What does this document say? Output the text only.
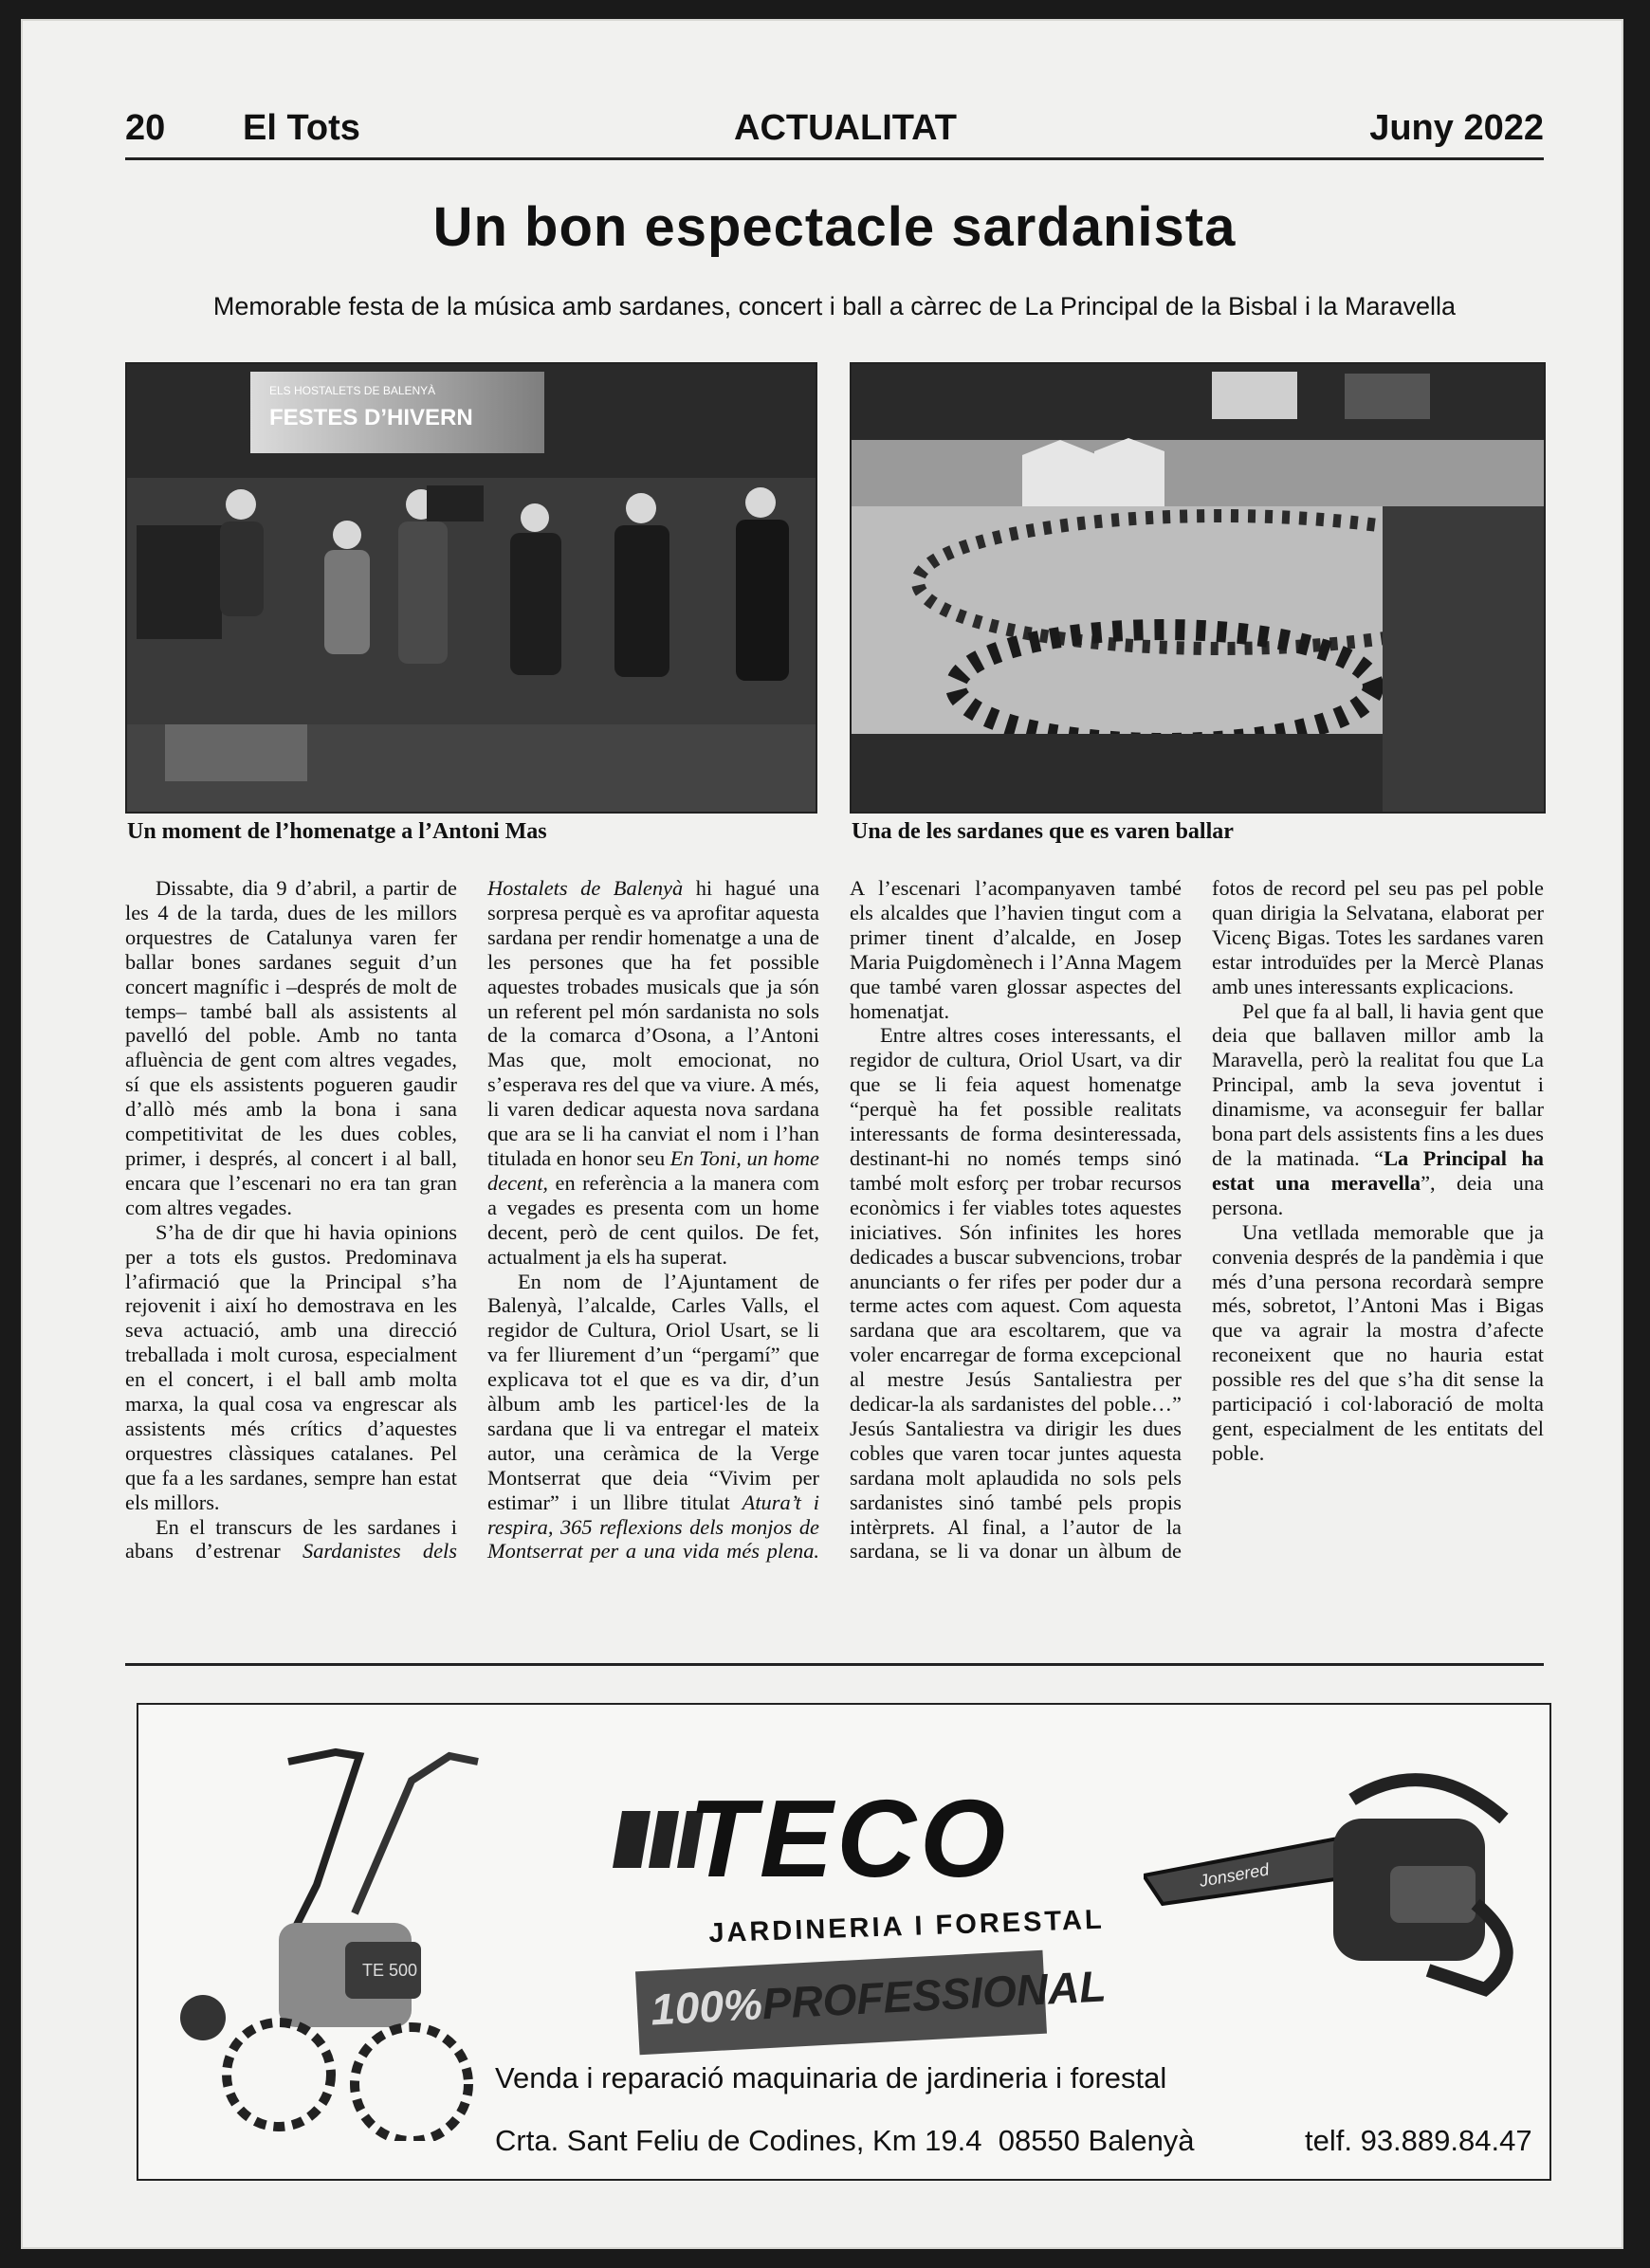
20 El Tots	ACTUALITAT	Juny 2022
Un bon espectacle sardanista
Memorable festa de la música amb sardanes, concert i ball a càrrec de La Principal de la Bisbal i la Maravella
ELS HOSTALETS DE BALENYÀ
FESTES D’HIVERN
Un moment de l’homenatge a l’Antoni Mas	Una de les sardanes que es varen ballar

Dissabte, dia 9 d’abril, a partir de les 4 de la tarda, dues de les millors orquestres de Catalunya varen fer ballar bones sardanes seguit d’un concert magnífic i –després de molt de temps– també ball als assistents al pavelló del poble. Amb no tanta afluència de gent com altres vegades, sí que els assistents pogueren gaudir d’allò més amb la bona i sana competitivitat de les dues cobles, primer, i després, al concert i al ball, encara que l’escenari no era tan gran com altres vegades.

S’ha de dir que hi havia opinions per a tots els gustos. Predominava l’afirmació que la Principal s’ha rejovenit i així ho demostrava en les seva actuació, amb una direcció treballada i molt curosa, especialment en el concert, i el ball amb molta marxa, la qual cosa va engrescar als assistents més crítics d’aquestes orquestres clàssiques catalanes. Pel que fa a les sardanes, sempre han estat els millors.

En el transcurs de les sardanes i abans d’estrenar Sardanistes dels Hostalets de Balenyà hi hagué una sorpresa perquè es va aprofitar aquesta sardana per rendir homenatge a una de les persones que ha fet possible aquestes trobades musicals que ja són un referent pel món sardanista no sols de la comarca d’Osona, a l’Antoni Mas que, molt emocionat, no s’esperava res del que va viure. A més, li varen dedicar aquesta nova sardana que ara se li ha canviat el nom i l’han titulada en honor seu En Toni, un home decent, en referència a la manera com a vegades es presenta com un home decent, però de cent quilos. De fet, actualment ja els ha superat.

En nom de l’Ajuntament de Balenyà, l’alcalde, Carles Valls, el regidor de Cultura, Oriol Usart, se li va fer lliurement d’un “pergamí” que explicava tot el que es va dir, d’un àlbum amb les particel·les de la sardana que li va entregar el mateix autor, una ceràmica de la Verge Montserrat que deia “Vivim per estimar” i un llibre titulat Atura’t i respira, 365 reflexions dels monjos de Montserrat per a una vida més plena. A l’escenari l’acompanyaven també els alcaldes que l’havien tingut com a primer tinent d’alcalde, en Josep Maria Puigdomènech i l’Anna Magem que també varen glossar aspectes del homenatjat.

Entre altres coses interessants, el regidor de cultura, Oriol Usart, va dir que se li feia aquest homenatge “perquè ha fet possible realitats interessants de forma desinteressada, destinant-hi no només temps sinó també molt esforç per trobar recursos econòmics i fer viables totes aquestes iniciatives. Són infinites les hores dedicades a buscar subvencions, trobar anunciants o fer rifes per poder dur a terme actes com aquest. Com aquesta sardana que ara escoltarem, que va voler encarregar de forma excepcional al mestre Jesús Santaliestra per dedicar-la als sardanistes del poble…” Jesús Santaliestra va dirigir les dues cobles que varen tocar juntes aquesta sardana molt aplaudida no sols pels sardanistes sinó també pels propis intèrprets. Al final, a l’autor de la sardana, se li va donar un àlbum de fotos de record pel seu pas pel poble quan dirigia la Selvatana, elaborat per Vicenç Bigas. Totes les sardanes varen estar introduïdes per la Mercè Planas amb unes interessants explicacions.

Pel que fa al ball, li havia gent que deia que ballaven millor amb la Maravella, però la realitat fou que La Principal, amb la seva joventut i dinamisme, va aconseguir fer ballar bona part dels assistents fins a les dues de la matinada. “La Principal ha estat una meravella”, deia una persona.

Una vetllada memorable que ja convenia després de la pandèmia i que més d’una persona recordarà sempre més, sobretot, l’Antoni Mas i Bigas que va agrair la mostra d’afecte reconeixent que no hauria estat possible res del que s’ha dit sense la participació i col·laboració de molta gent, especialment de les entitats del poble.

TE 500
TECO
JARDINERIA I FORESTAL
100%PROFESSIONAL
Jonsered
Venda i reparació maquinaria de jardineria i forestal
Crta. Sant Feliu de Codines, Km 19.4  08550 Balenyà	telf. 93.889.84.47
